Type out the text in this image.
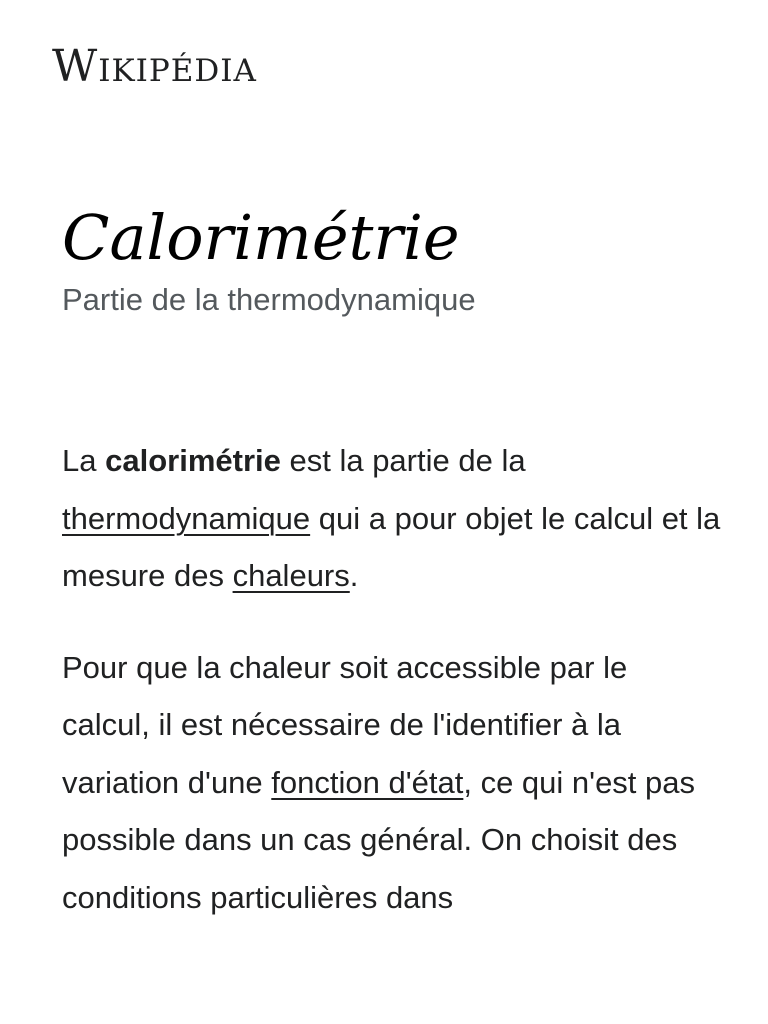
Wikipédia
Calorimétrie
Partie de la thermodynamique

La calorimétrie est la partie de la thermodynamique qui a pour objet le calcul et la mesure des chaleurs.

Pour que la chaleur soit accessible par le calcul, il est nécessaire de l'identifier à la variation d'une fonction d'état, ce qui n'est pas possible dans un cas général. On choisit des conditions particulières dans
